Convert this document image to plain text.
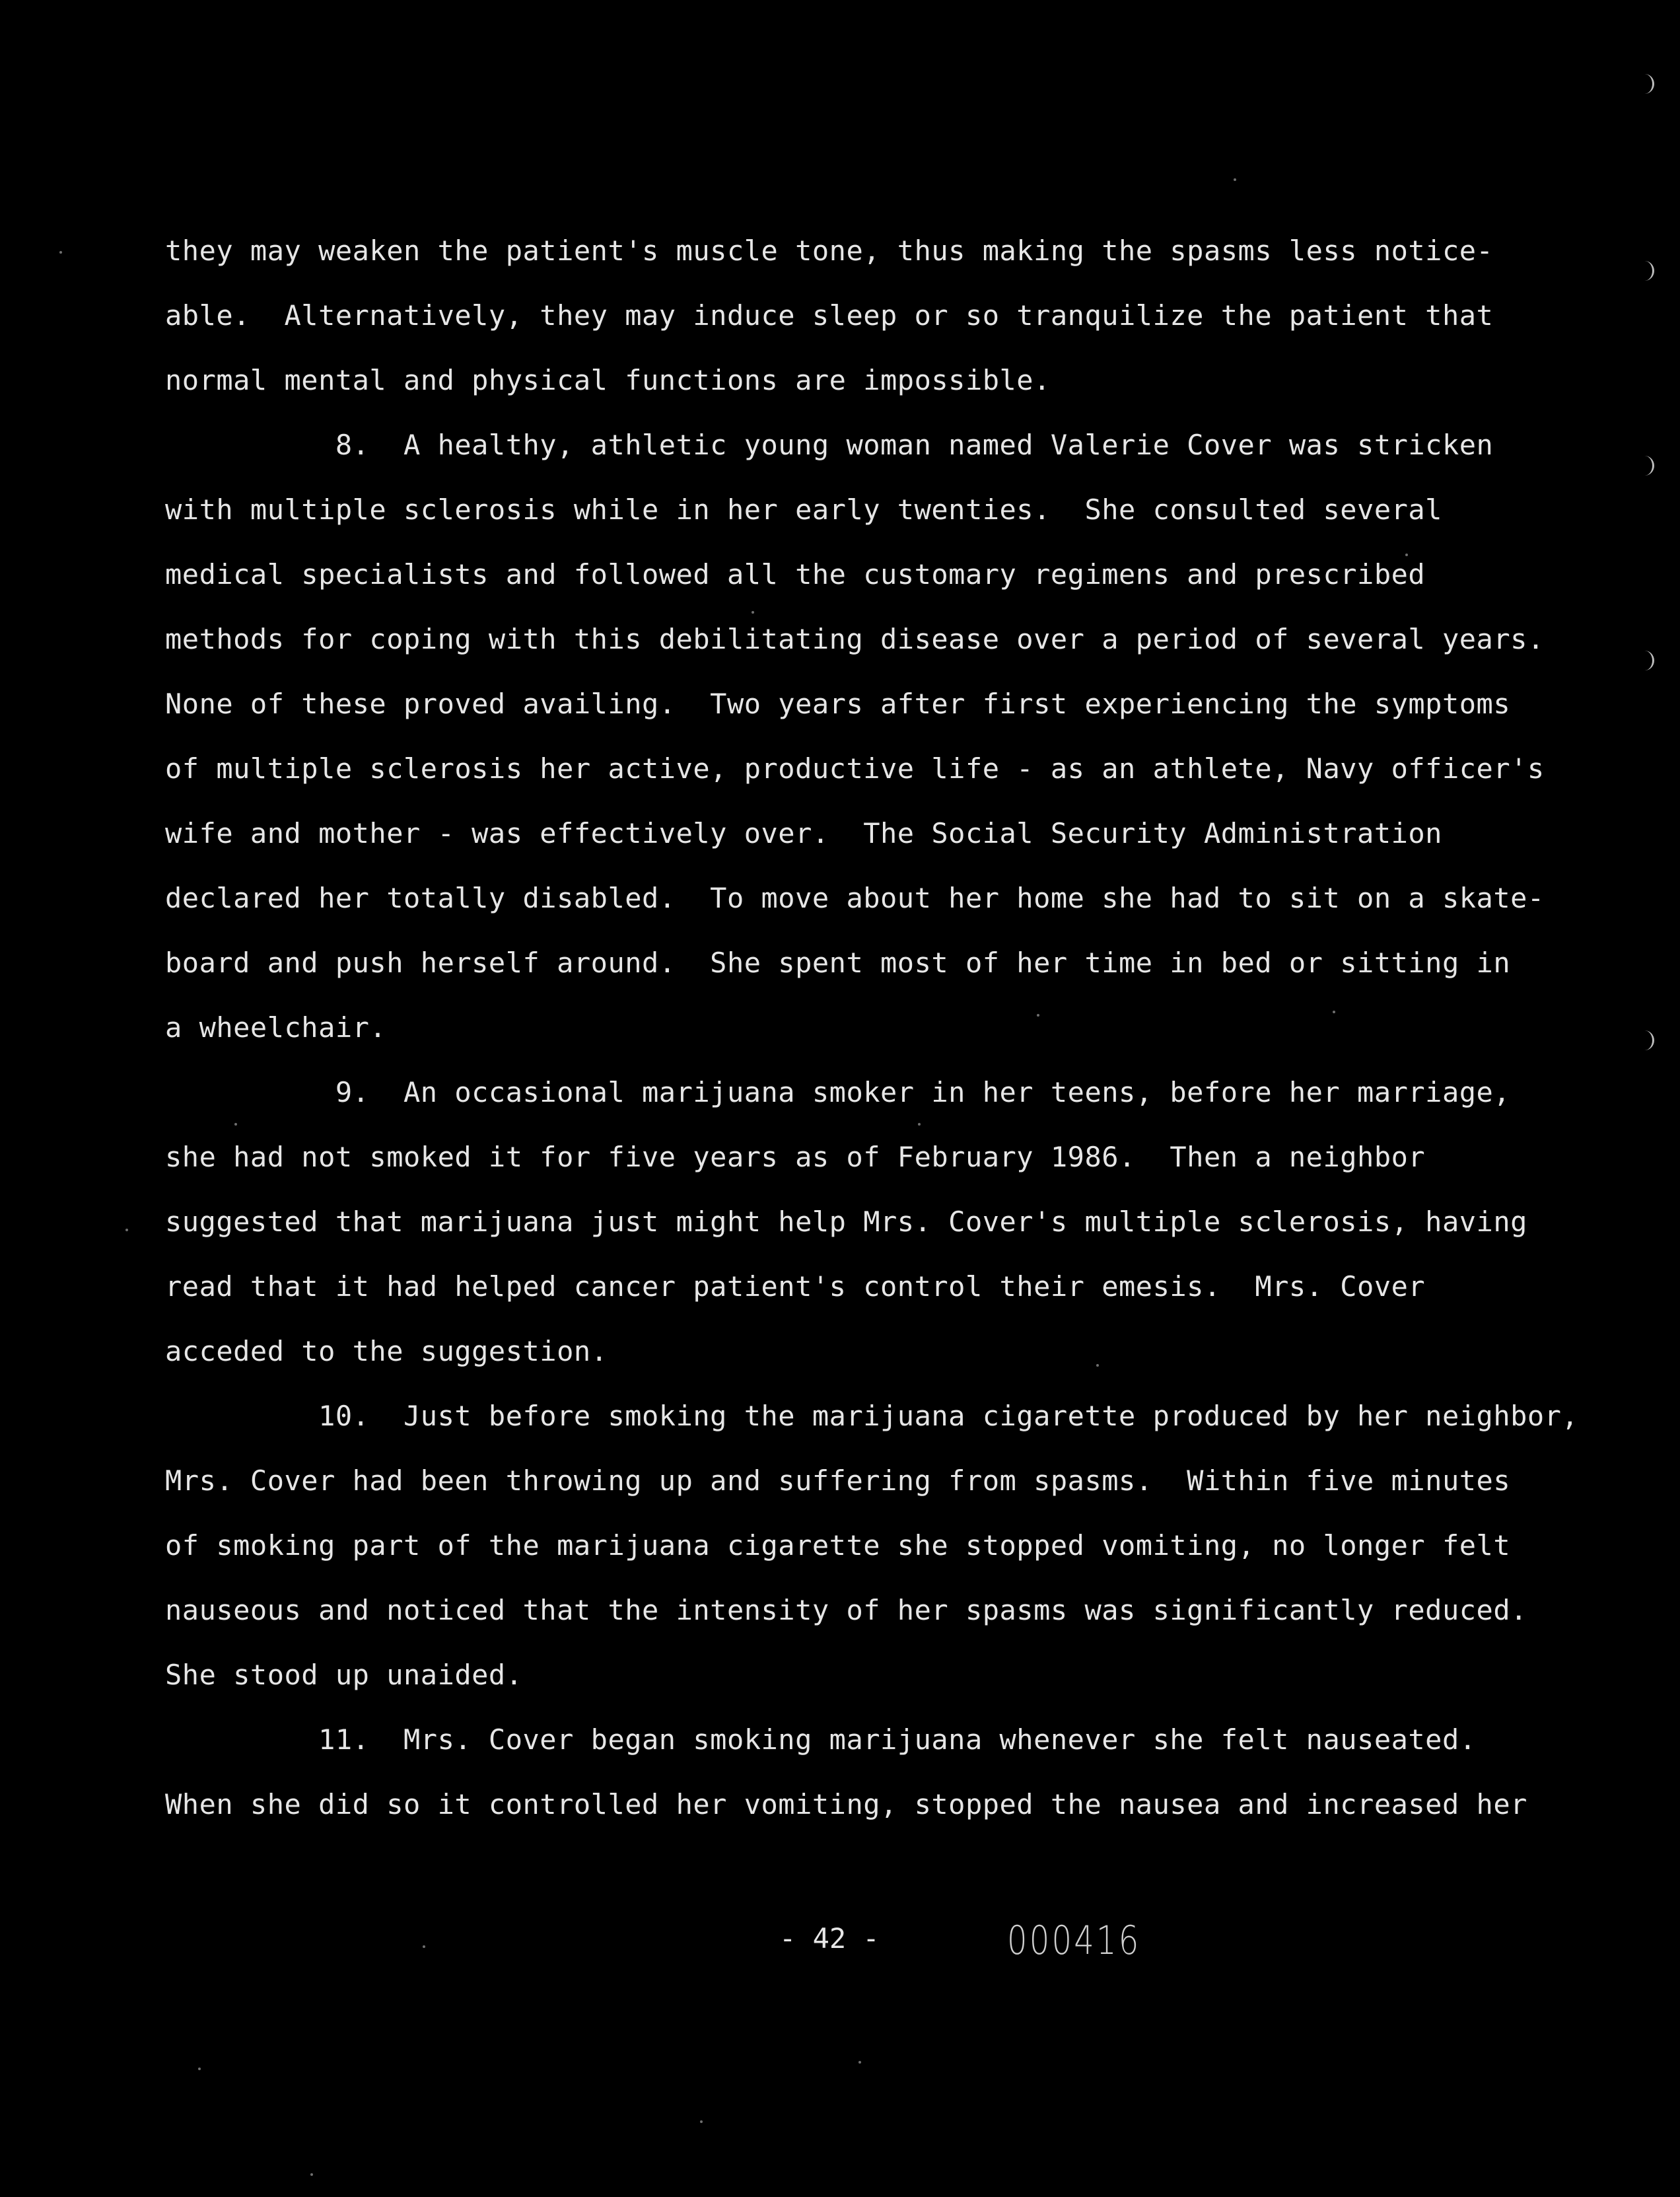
they may weaken the patient's muscle tone, thus making the spasms less notice-
able.  Alternatively, they may induce sleep or so tranquilize the patient that
normal mental and physical functions are impossible.
8.  A healthy, athletic young woman named Valerie Cover was stricken
with multiple sclerosis while in her early twenties.  She consulted several
medical specialists and followed all the customary regimens and prescribed
methods for coping with this debilitating disease over a period of several years.
None of these proved availing.  Two years after first experiencing the symptoms
of multiple sclerosis her active, productive life - as an athlete, Navy officer's
wife and mother - was effectively over.  The Social Security Administration
declared her totally disabled.  To move about her home she had to sit on a skate-
board and push herself around.  She spent most of her time in bed or sitting in
a wheelchair.
9.  An occasional marijuana smoker in her teens, before her marriage,
she had not smoked it for five years as of February 1986.  Then a neighbor
suggested that marijuana just might help Mrs. Cover's multiple sclerosis, having
read that it had helped cancer patient's control their emesis.  Mrs. Cover
acceded to the suggestion.
10.  Just before smoking the marijuana cigarette produced by her neighbor,
Mrs. Cover had been throwing up and suffering from spasms.  Within five minutes
of smoking part of the marijuana cigarette she stopped vomiting, no longer felt
nauseous and noticed that the intensity of her spasms was significantly reduced.
She stood up unaided.
11.  Mrs. Cover began smoking marijuana whenever she felt nauseated.
When she did so it controlled her vomiting, stopped the nausea and increased her
- 42 -	000416
